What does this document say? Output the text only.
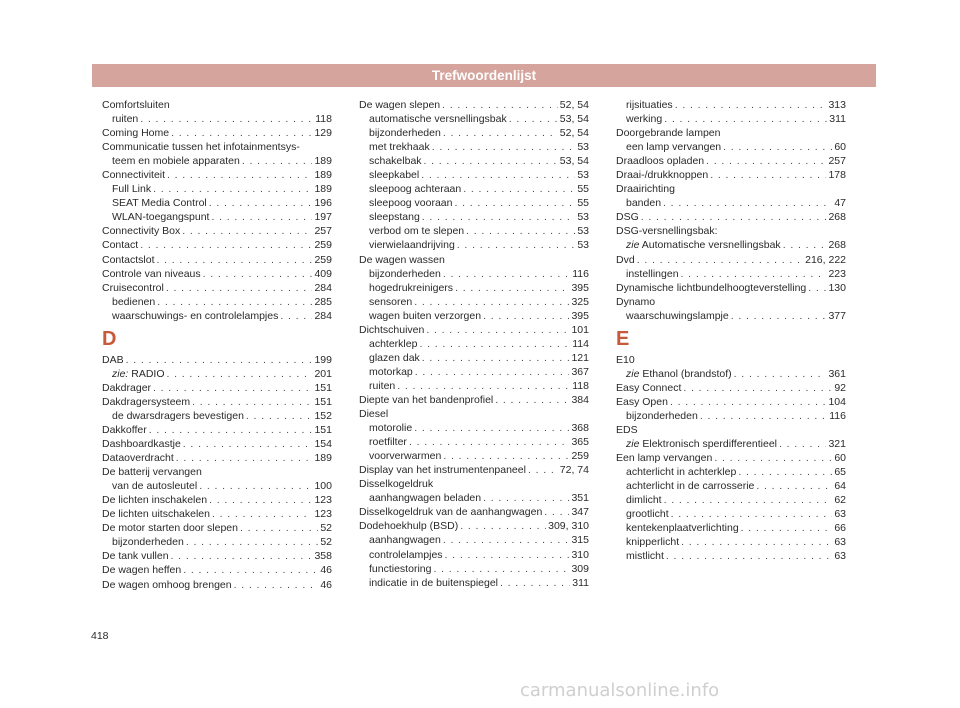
Trefwoordenlijst
Comfortsluiten
ruiten . . .	118
Coming Home . . .	129
Communicatie tussen het infotainmentsys-
teem en mobiele apparaten . . .	189
Connectiviteit . . .	189
Full Link . . .	189
SEAT Media Control . . .	196
WLAN-toegangspunt . . .	197
Connectivity Box . . .	257
Contact . . .	259
Contactslot . . .	259
Controle van niveaus . . .	409
Cruisecontrol . . .	284
bedienen . . .	285
waarschuwings- en controlelampjes . . .	284
D
DAB . . .	199
zie: RADIO . . .	201
Dakdrager . . .	151
Dakdragersysteem . . .	151
de dwarsdragers bevestigen . . .	152
Dakkoffer . . .	151
Dashboardkastje . . .	154
Dataoverdracht . . .	189
De batterij vervangen
van de autosleutel . . .	100
De lichten inschakelen . . .	123
De lichten uitschakelen . . .	123
De motor starten door slepen . . .	52
bijzonderheden . . .	52
De tank vullen . . .	358
De wagen heffen . . .	46
De wagen omhoog brengen . . .	46
De wagen slepen . . .	52, 54
automatische versnellingsbak . . .	53, 54
bijzonderheden . . .	52, 54
met trekhaak . . .	53
schakelbak . . .	53, 54
sleepkabel . . .	53
sleepoog achteraan . . .	55
sleepoog vooraan . . .	55
sleepstang . . .	53
verbod om te slepen . . .	53
vierwielaandrijving . . .	53
De wagen wassen
bijzonderheden . . .	116
hogedrukreinigers . . .	395
sensoren . . .	325
wagen buiten verzorgen . . .	395
Dichtschuiven . . .	101
achterklep . . .	114
glazen dak . . .	121
motorkap . . .	367
ruiten . . .	118
Diepte van het bandenprofiel . . .	384
Diesel
motorolie . . .	368
roetfilter . . .	365
voorverwarmen . . .	259
Display van het instrumentenpaneel . . .	72, 74
Disselkogeldruk
aanhangwagen beladen . . .	351
Disselkogeldruk van de aanhangwagen . . .	347
Dodehoekhulp (BSD) . . .	309, 310
aanhangwagen . . .	315
controlelampjes . . .	310
functiestoring . . .	309
indicatie in de buitenspiegel . . .	311
rijsituaties . . .	313
werking . . .	311
Doorgebrande lampen
een lamp vervangen . . .	60
Draadloos opladen . . .	257
Draai-/drukknoppen . . .	178
Draairichting
banden . . .	47
DSG . . .	268
DSG-versnellingsbak:
zie Automatische versnellingsbak . . .	268
Dvd . . .	216, 222
instellingen . . .	223
Dynamische lichtbundelhoogteverstelling . . . 130
Dynamo
waarschuwingslampje . . .	377
E
E10
zie Ethanol (brandstof) . . .	361
Easy Connect . . .	92
Easy Open . . .	104
bijzonderheden . . .	116
EDS
zie Elektronisch sperdifferentieel . . .	321
Een lamp vervangen . . .	60
achterlicht in achterklep . . .	65
achterlicht in de carrosserie . . .	64
dimlicht . . .	62
grootlicht . . .	63
kentekenplaatverlichting . . .	66
knipperlicht . . .	63
mistlicht . . .	63
418
carmanualsonline.info
